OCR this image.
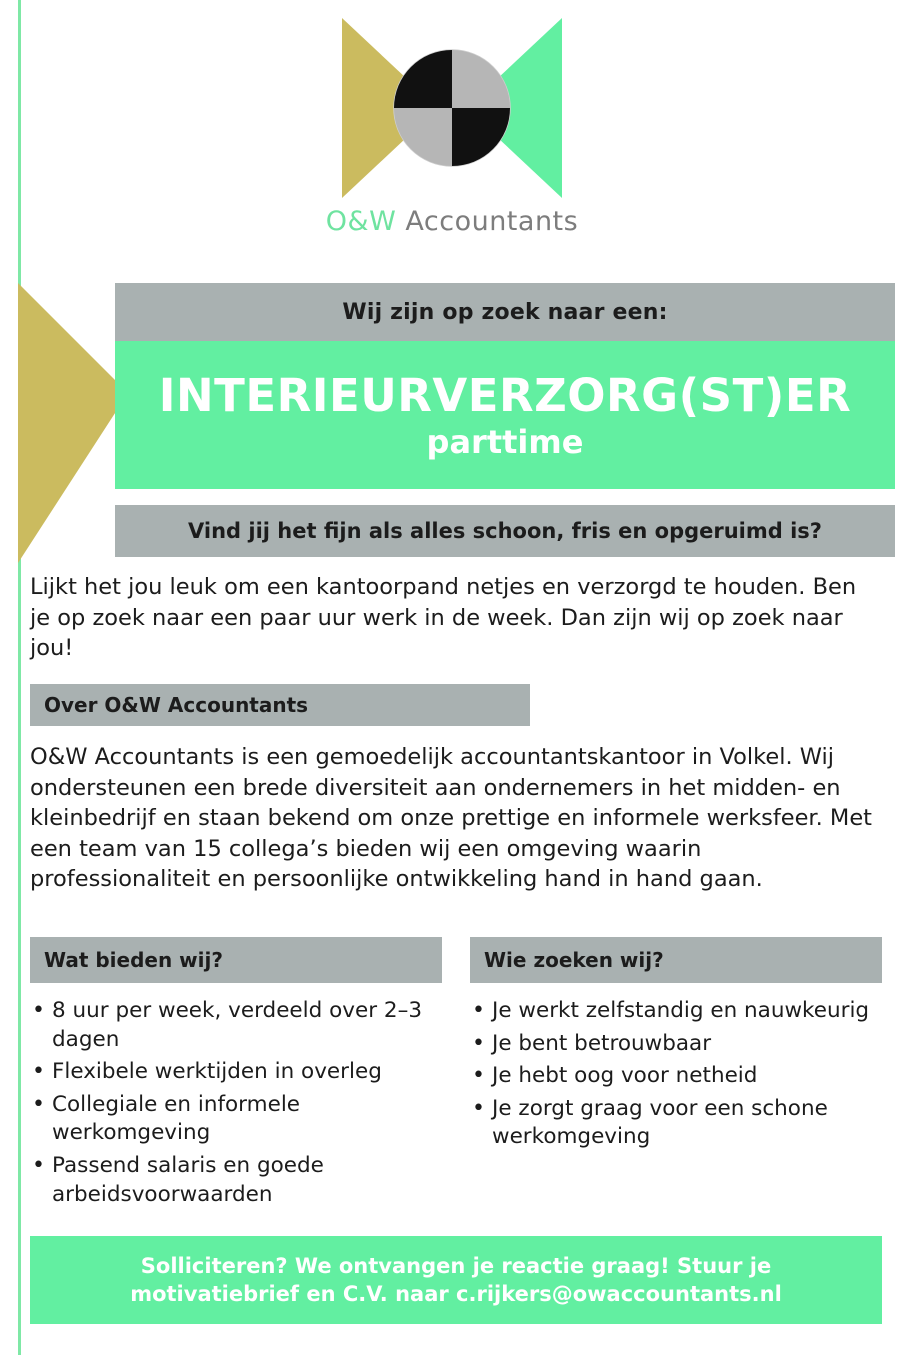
O&W Accountants
Wij zijn op zoek naar een:
INTERIEURVERZORG(ST)ER
parttime
Vind jij het fijn als alles schoon, fris en opgeruimd is?
Lijkt het jou leuk om een kantoorpand netjes en verzorgd te houden. Ben je op zoek naar een paar uur werk in de week. Dan zijn wij op zoek naar jou!
Over O&W Accountants
O&W Accountants is een gemoedelijk accountantskantoor in Volkel. Wij ondersteunen een brede diversiteit aan ondernemers in het midden- en kleinbedrijf en staan bekend om onze prettige en informele werksfeer. Met een team van 15 collega’s bieden wij een omgeving waarin professionaliteit en persoonlijke ontwikkeling hand in hand gaan.
Wat bieden wij?	Wie zoeken wij?
• 8 uur per week, verdeeld over 2–3 dagen
• Flexibele werktijden in overleg
• Collegiale en informele werkomgeving
• Passend salaris en goede arbeidsvoorwaarden
• Je werkt zelfstandig en nauwkeurig
• Je bent betrouwbaar
• Je hebt oog voor netheid
• Je zorgt graag voor een schone werkomgeving
Solliciteren? We ontvangen je reactie graag! Stuur je motivatiebrief en C.V. naar c.rijkers@owaccountants.nl
